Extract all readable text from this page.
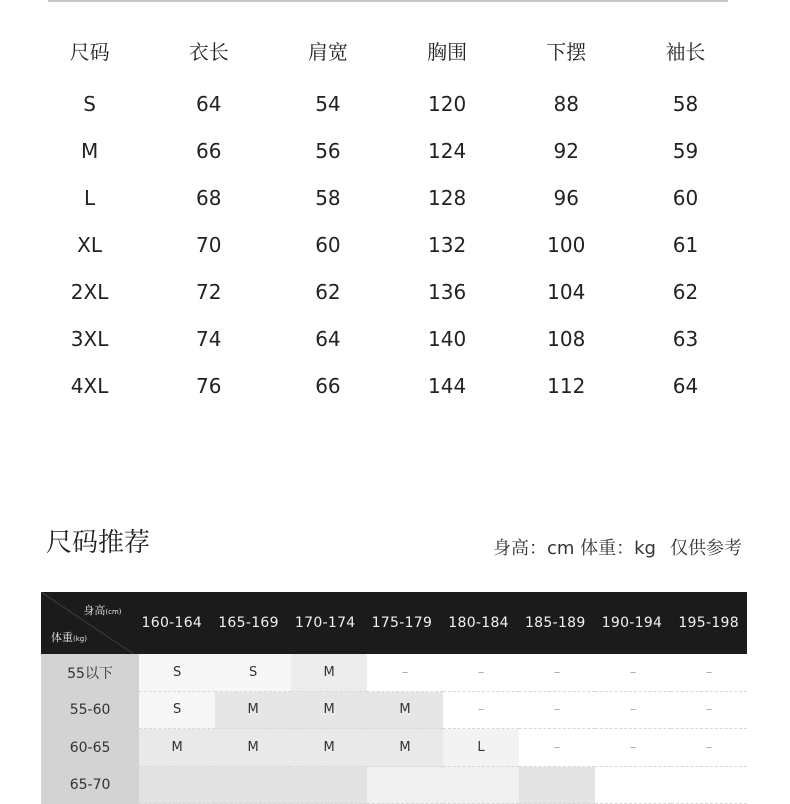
尺码	衣长	肩宽	胸围	下摆	袖长
S	64	54	120	88	58
M	66	56	124	92	59
L	68	58	128	96	60
XL	70	60	132	100	61
2XL	72	62	136	104	62
3XL	74	64	140	108	63
4XL	76	66	144	112	64
尺码推荐	身高：cm 体重：kg 仅供参考
身高(cm)
体重(kg)
160-164	165-169	170-174	175-179	180-184	185-189	190-194	195-198
55以下	S	S	M	–	–	–	–	–
55-60	S	M	M	M	–	–	–	–
60-65	M	M	M	M	L	–	–	–
65-70
